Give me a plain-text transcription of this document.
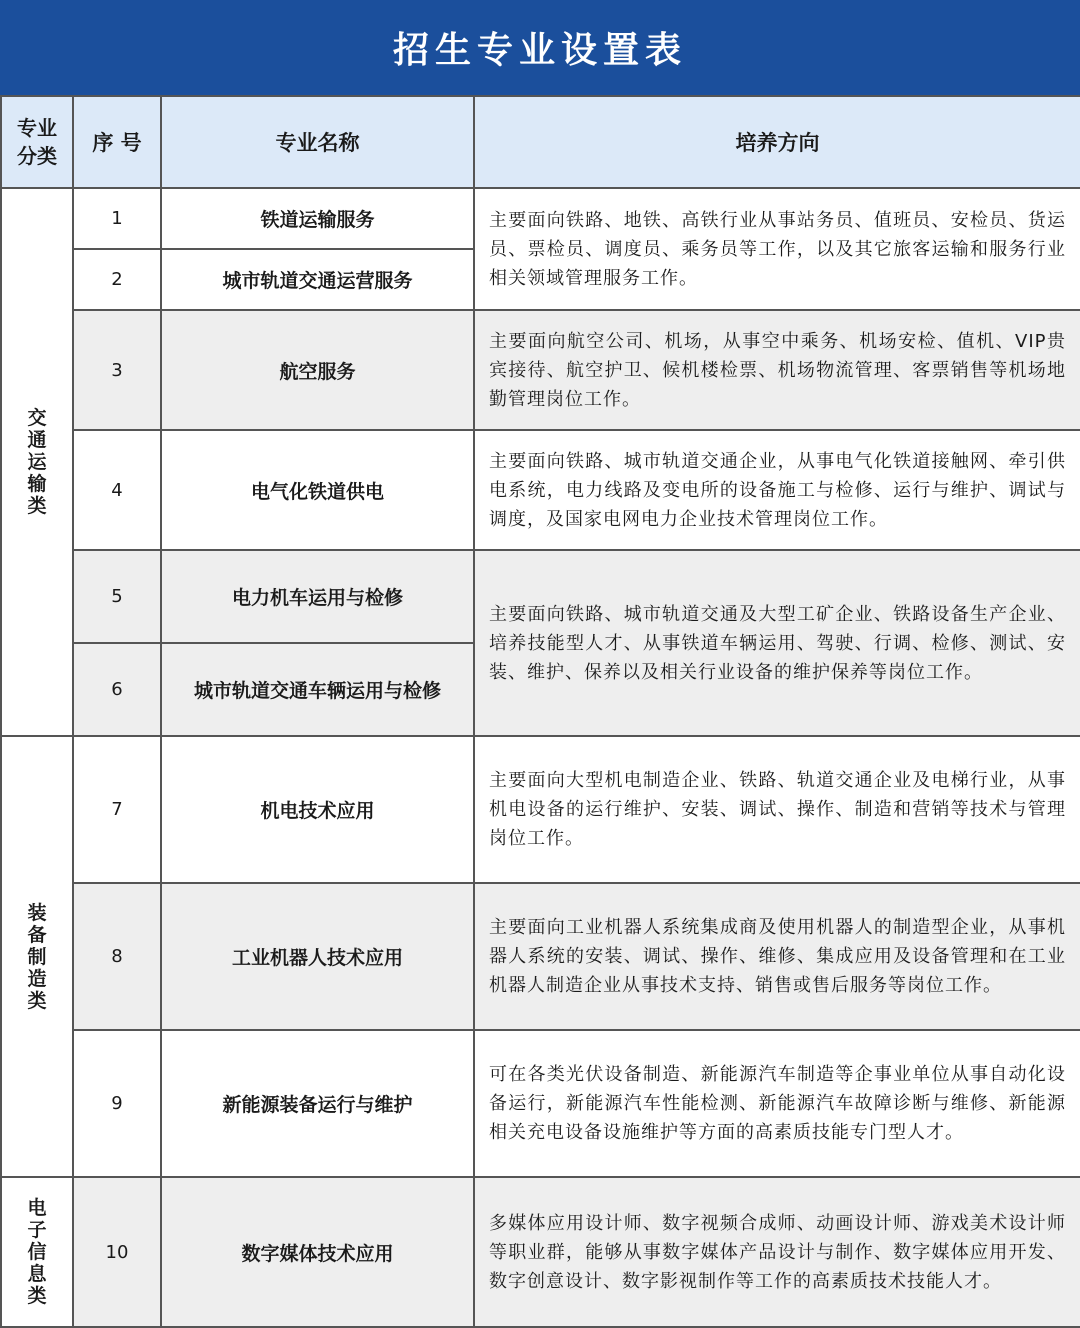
招生专业设置表
专业
分类	序 号	专业名称	培养方向
交通运输类	1	铁道运输服务	主要面向铁路、地铁、高铁行业从事站务员、值班员、安检员、货运员、票检员、调度员、乘务员等工作，以及其它旅客运输和服务行业相关领域管理服务工作。
	2	城市轨道交通运营服务	
	3	航空服务	主要面向航空公司、机场，从事空中乘务、机场安检、值机、VIP贵宾接待、航空护卫、候机楼检票、机场物流管理、客票销售等机场地勤管理岗位工作。
	4	电气化铁道供电	主要面向铁路、城市轨道交通企业，从事电气化铁道接触网、牵引供电系统，电力线路及变电所的设备施工与检修、运行与维护、调试与调度，及国家电网电力企业技术管理岗位工作。
	5	电力机车运用与检修	主要面向铁路、城市轨道交通及大型工矿企业、铁路设备生产企业、培养技能型人才、从事铁道车辆运用、驾驶、行调、检修、测试、安装、维护、保养以及相关行业设备的维护保养等岗位工作。
	6	城市轨道交通车辆运用与检修	
装备制造类	7	机电技术应用	主要面向大型机电制造企业、铁路、轨道交通企业及电梯行业，从事机电设备的运行维护、安装、调试、操作、制造和营销等技术与管理岗位工作。
	8	工业机器人技术应用	主要面向工业机器人系统集成商及使用机器人的制造型企业，从事机器人系统的安装、调试、操作、维修、集成应用及设备管理和在工业机器人制造企业从事技术支持、销售或售后服务等岗位工作。
	9	新能源装备运行与维护	可在各类光伏设备制造、新能源汽车制造等企事业单位从事自动化设备运行，新能源汽车性能检测、新能源汽车故障诊断与维修、新能源相关充电设备设施维护等方面的高素质技能专门型人才。
电子信息类	10	数字媒体技术应用	多媒体应用设计师、数字视频合成师、动画设计师、游戏美术设计师等职业群，能够从事数字媒体产品设计与制作、数字媒体应用开发、数字创意设计、数字影视制作等工作的高素质技术技能人才。
